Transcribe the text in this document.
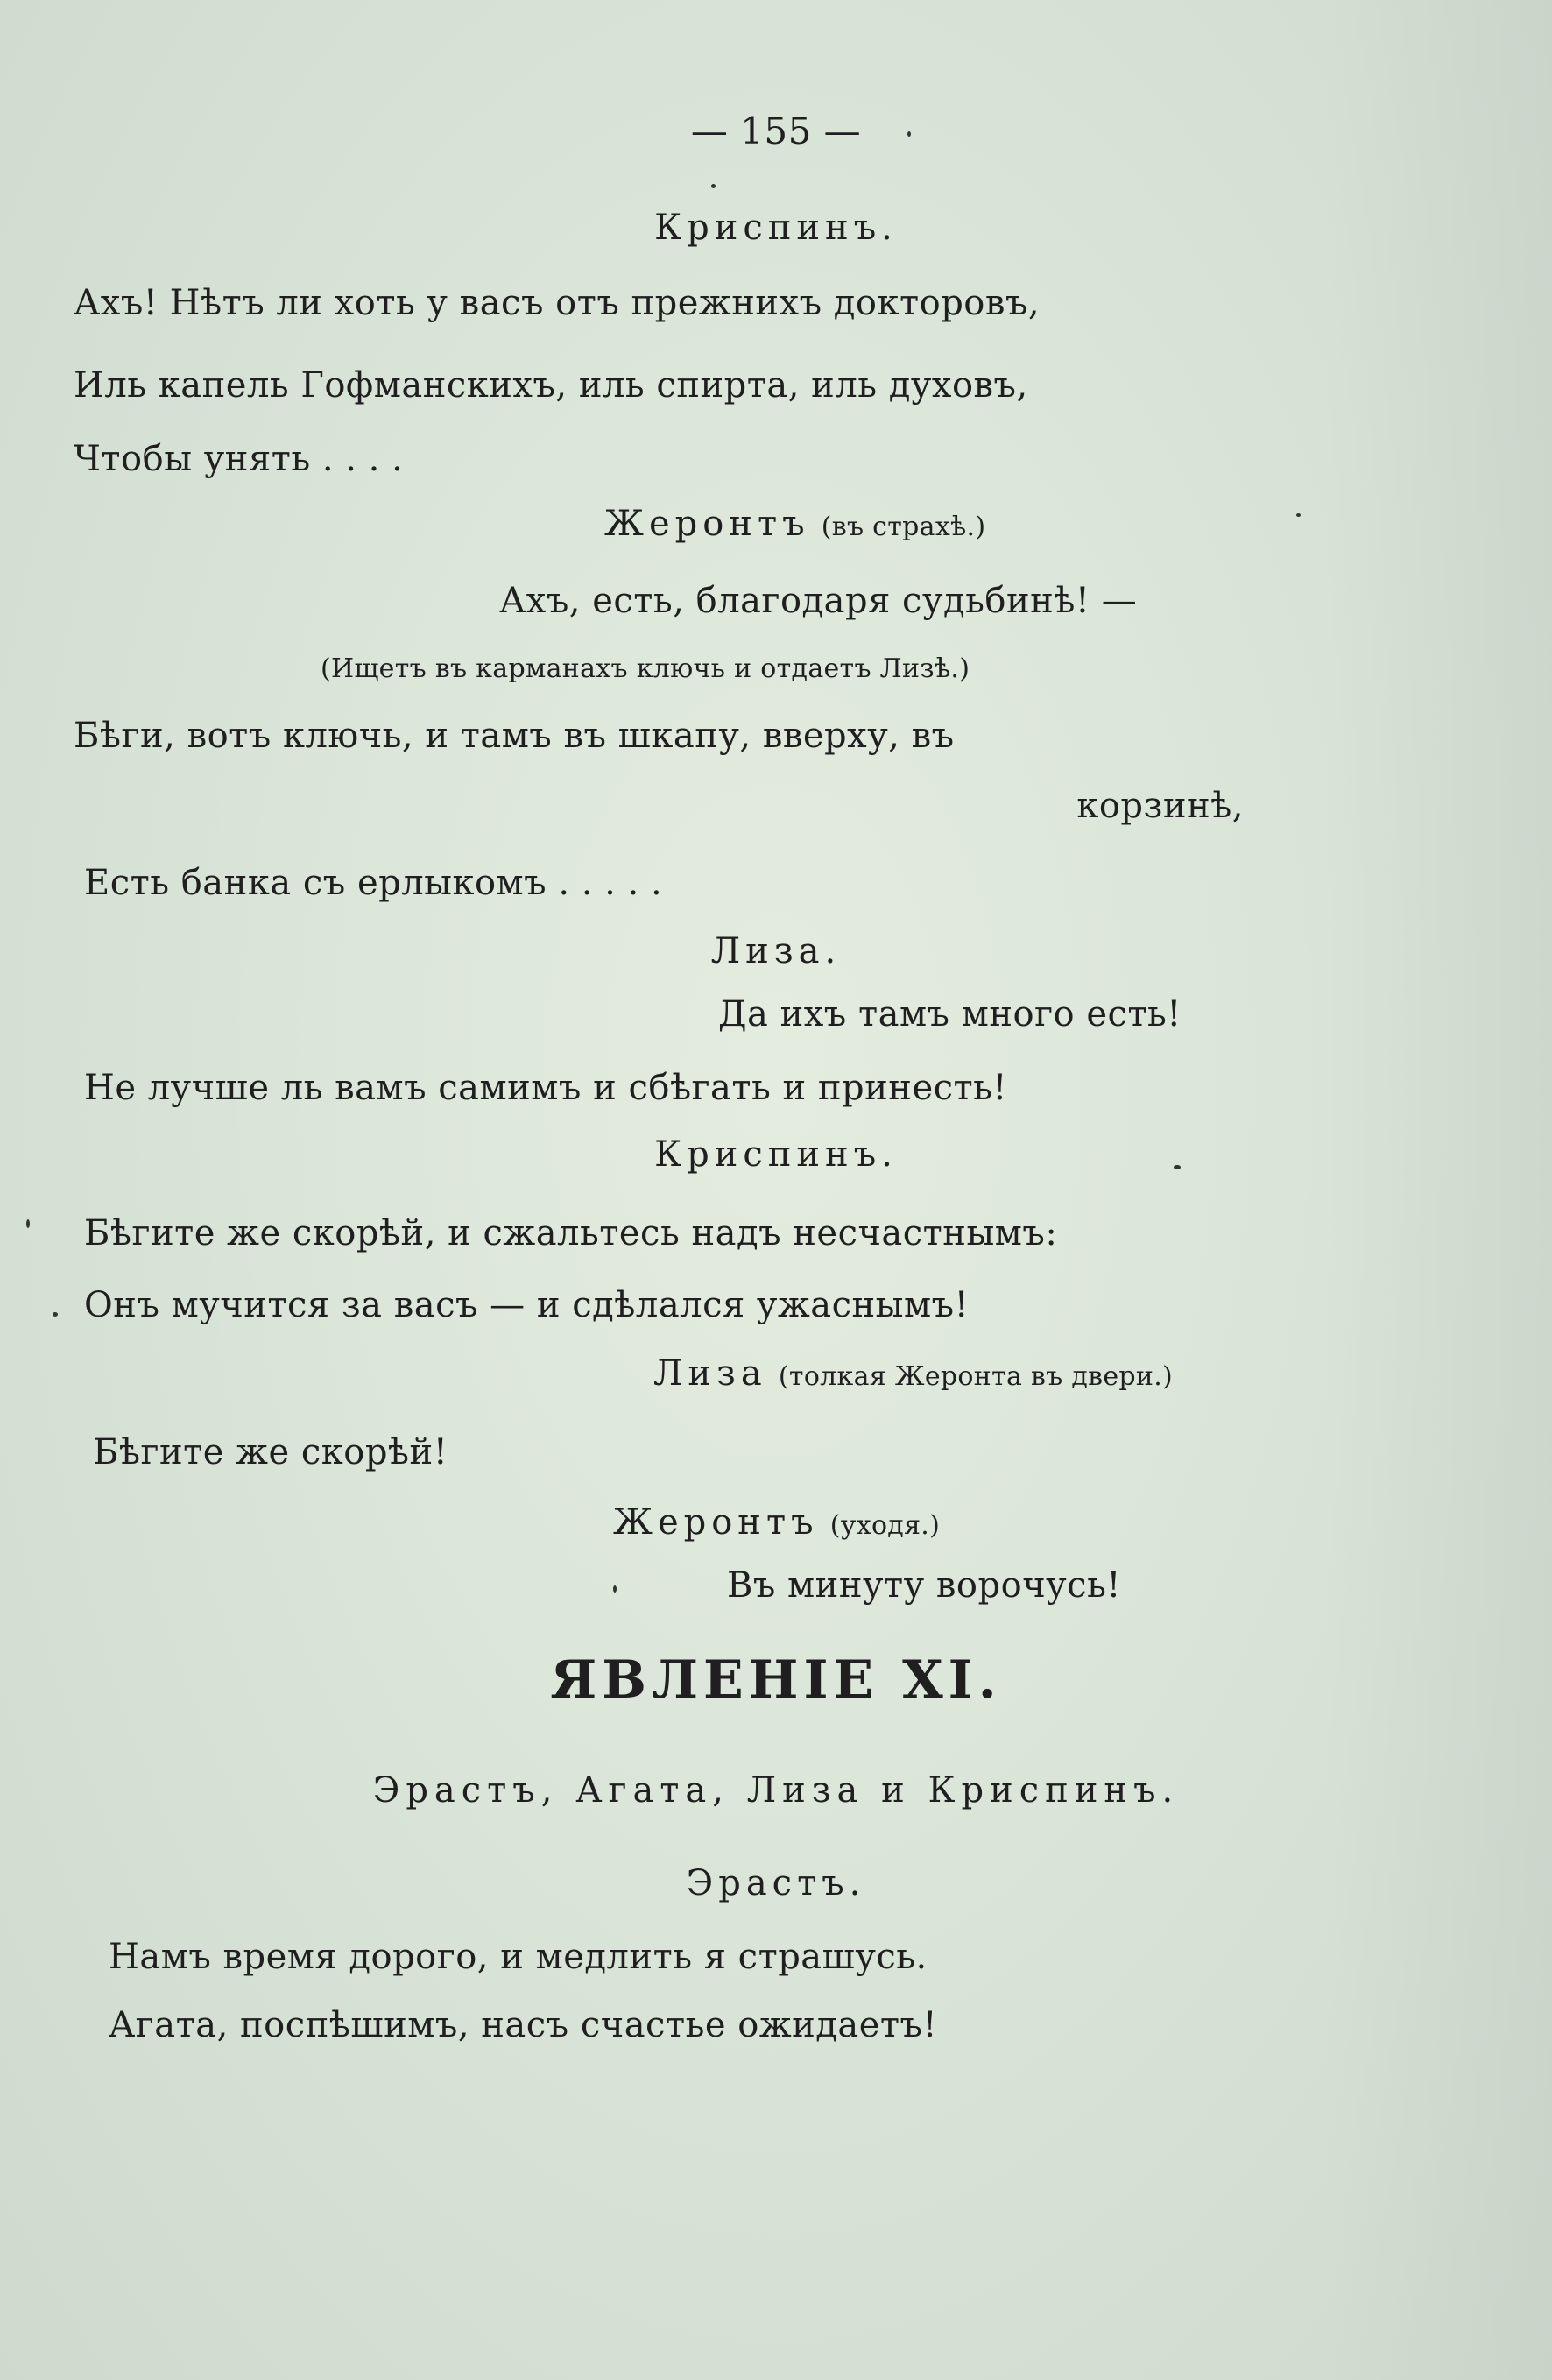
— 155 —
Криспинъ.
Ахъ! Нѣтъ ли хоть у васъ отъ прежнихъ докторовъ,
Иль капель Гофманскихъ, иль спирта, иль духовъ,
Чтобы унять . . . .
Жеронтъ (въ страхѣ.)
Ахъ, есть, благодаря судьбинѣ! —
(Ищетъ въ карманахъ ключь и отдаетъ Лизѣ.)
Бѣги, вотъ ключь, и тамъ въ шкапу, вверху, въ
корзинѣ,
Есть банка съ ерлыкомъ . . . . .
Лиза.
Да ихъ тамъ много есть!
Не лучше ль вамъ самимъ и сбѣгать и принесть!
Криспинъ.
Бѣгите же скорѣй, и сжальтесь надъ несчастнымъ:
Онъ мучится за васъ — и сдѣлался ужаснымъ!
Лиза (толкая Жеронта въ двери.)
Бѣгите же скорѣй!
Жеронтъ (уходя.)
Въ минуту ворочусь!
ЯВЛЕНІЕ XI.
Эрастъ, Агата, Лиза и Криспинъ.
Эрастъ.
Намъ время дорого, и медлить я страшусь.
Агата, поспѣшимъ, насъ счастье ожидаетъ!
